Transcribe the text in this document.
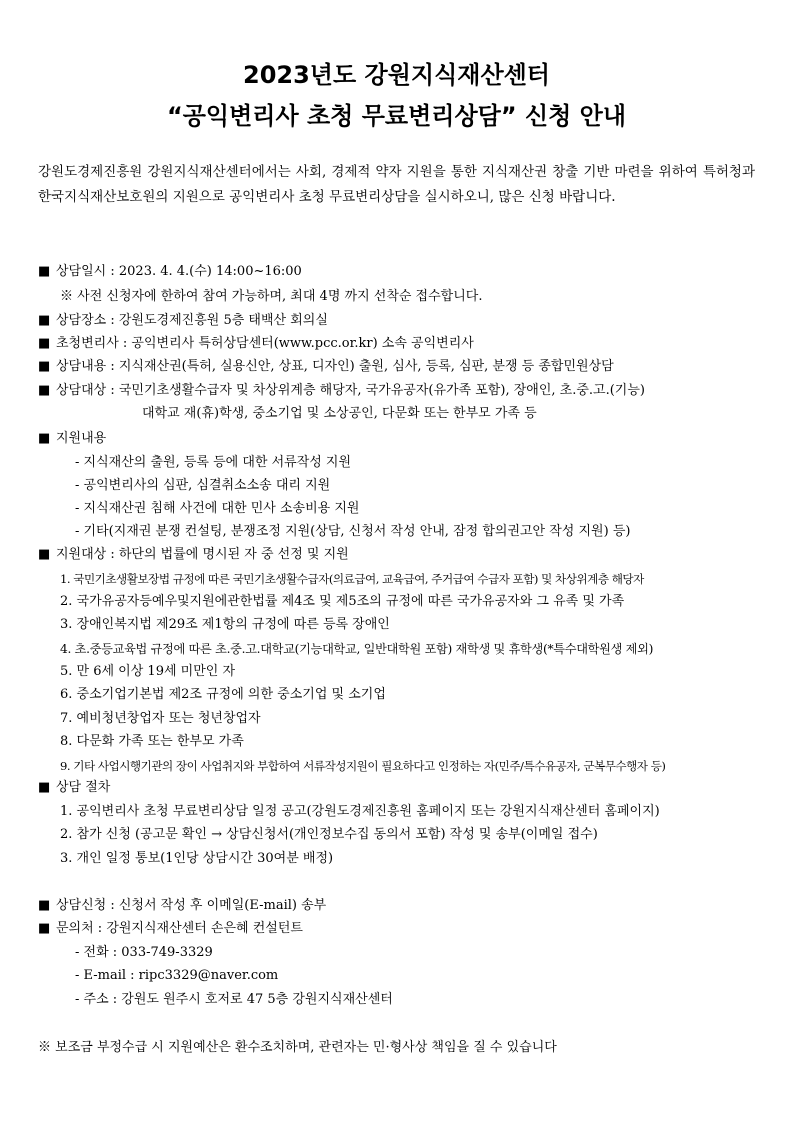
2023년도 강원지식재산센터
“공익변리사 초청 무료변리상담” 신청 안내
강원도경제진흥원 강원지식재산센터에서는 사회, 경제적 약자 지원을 통한 지식재산권 창출 기반 마련을 위하여 특허청과 한국지식재산보호원의 지원으로 공익변리사 초청 무료변리상담을 실시하오니, 많은 신청 바랍니다.
■ 상담일시 : 2023. 4. 4.(수) 14:00~16:00
※ 사전 신청자에 한하여 참여 가능하며, 최대 4명 까지 선착순 접수합니다.
■ 상담장소 : 강원도경제진흥원 5층 태백산 회의실
■ 초청변리사 : 공익변리사 특허상담센터(www.pcc.or.kr) 소속 공익변리사
■ 상담내용 : 지식재산권(특허, 실용신안, 상표, 디자인) 출원, 심사, 등록, 심판, 분쟁 등 종합민원상담
■ 상담대상 : 국민기초생활수급자 및 차상위계층 해당자, 국가유공자(유가족 포함), 장애인, 초.중.고.(기능)
대학교 재(휴)학생, 중소기업 및 소상공인, 다문화 또는 한부모 가족 등
■ 지원내용
- 지식재산의 출원, 등록 등에 대한 서류작성 지원
- 공익변리사의 심판, 심결취소소송 대리 지원
- 지식재산권 침해 사건에 대한 민사 소송비용 지원
- 기타(지재권 분쟁 컨설팅, 분쟁조정 지원(상담, 신청서 작성 안내, 잠정 합의권고안 작성 지원) 등)
■ 지원대상 : 하단의 법률에 명시된 자 중 선정 및 지원
1. 국민기초생활보장법 규정에 따른 국민기초생활수급자(의료급여, 교육급여, 주거급여 수급자 포함) 및 차상위계층 해당자
2. 국가유공자등예우및지원에관한법률 제4조 및 제5조의 규정에 따른 국가유공자와 그 유족 및 가족
3. 장애인복지법 제29조 제1항의 규정에 따른 등록 장애인
4. 초.중등교육법 규정에 따른 초.중.고.대학교(기능대학교, 일반대학원 포함) 재학생 및 휴학생(*특수대학원생 제외)
5. 만 6세 이상 19세 미만인 자
6. 중소기업기본법 제2조 규정에 의한 중소기업 및 소기업
7. 예비청년창업자 또는 청년창업자
8. 다문화 가족 또는 한부모 가족
9. 기타 사업시행기관의 장이 사업취지와 부합하여 서류작성지원이 필요하다고 인정하는 자(민주/특수유공자, 군복무수행자 등)
■ 상담 절차
1. 공익변리사 초청 무료변리상담 일정 공고(강원도경제진흥원 홈페이지 또는 강원지식재산센터 홈페이지)
2. 참가 신청 (공고문 확인 → 상담신청서(개인정보수집 동의서 포함) 작성 및 송부(이메일 접수)
3. 개인 일정 통보(1인당 상담시간 30여분 배정)
■ 상담신청 : 신청서 작성 후 이메일(E-mail) 송부
■ 문의처 : 강원지식재산센터 손은혜 컨설턴트
- 전화 : 033-749-3329
- E-mail : ripc3329@naver.com
- 주소 : 강원도 원주시 호저로 47 5층 강원지식재산센터
※ 보조금 부정수급 시 지원예산은 환수조치하며, 관련자는 민·형사상 책임을 질 수 있습니다
